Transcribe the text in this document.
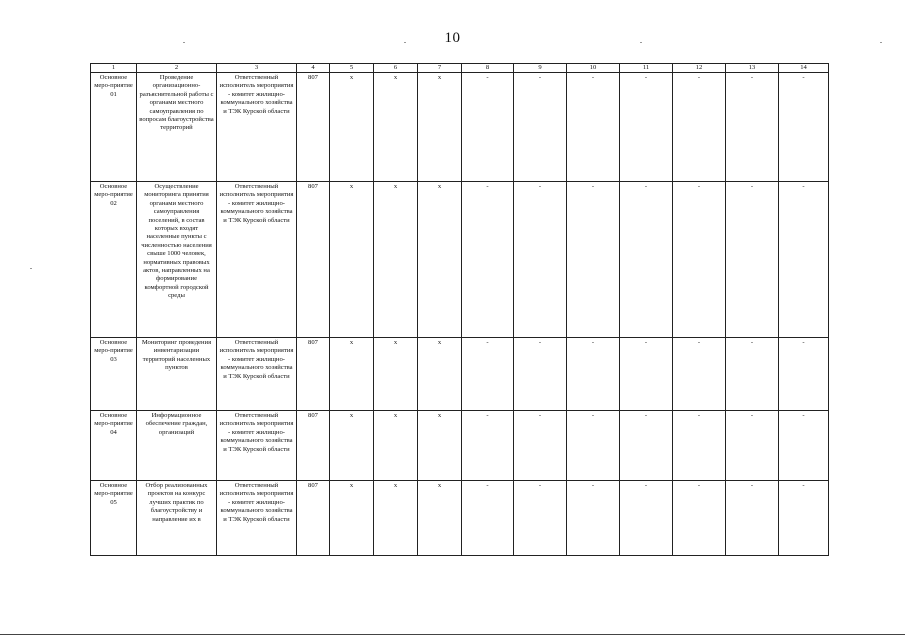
10
1	2	3	4	5	6	7	8	9	10	11	12	13	14
Основное меро-приятие 01	Проведение организационно-разъяснительной работы с органами местного самоуправления по вопросам благоустройства территорий	Ответственный исполнитель мероприятия - комитет жилищно-коммунального хозяйства и ТЭК Курской области	807	х	х	х	-	-	-	-	-	-	-
Основное меро-приятие 02	Осуществление мониторинга принятия органами местного самоуправления поселений, в состав которых входят населенные пункты с численностью населения свыше 1000 человек, нормативных правовых актов, направленных на формирование комфортной городской среды	Ответственный исполнитель мероприятия - комитет жилищно-коммунального хозяйства и ТЭК Курской области	807	х	х	х	-	-	-	-	-	-	-
Основное меро-приятие 03	Мониторинг проведения инвентаризации территорий населенных пунктов	Ответственный исполнитель мероприятия - комитет жилищно-коммунального хозяйства и ТЭК Курской области	807	х	х	х	-	-	-	-	-	-	-
Основное меро-приятие 04	Информационное обеспечение граждан, организаций	Ответственный исполнитель мероприятия - комитет жилищно-коммунального хозяйства и ТЭК Курской области	807	х	х	х	-	-	-	-	-	-	-
Основное меро-приятие 05	Отбор реализованных проектов на конкурс лучших практик по благоустройству и направление их в	Ответственный исполнитель мероприятия - комитет жилищно-коммунального хозяйства и ТЭК Курской области	807	х	х	х	-	-	-	-	-	-	-
